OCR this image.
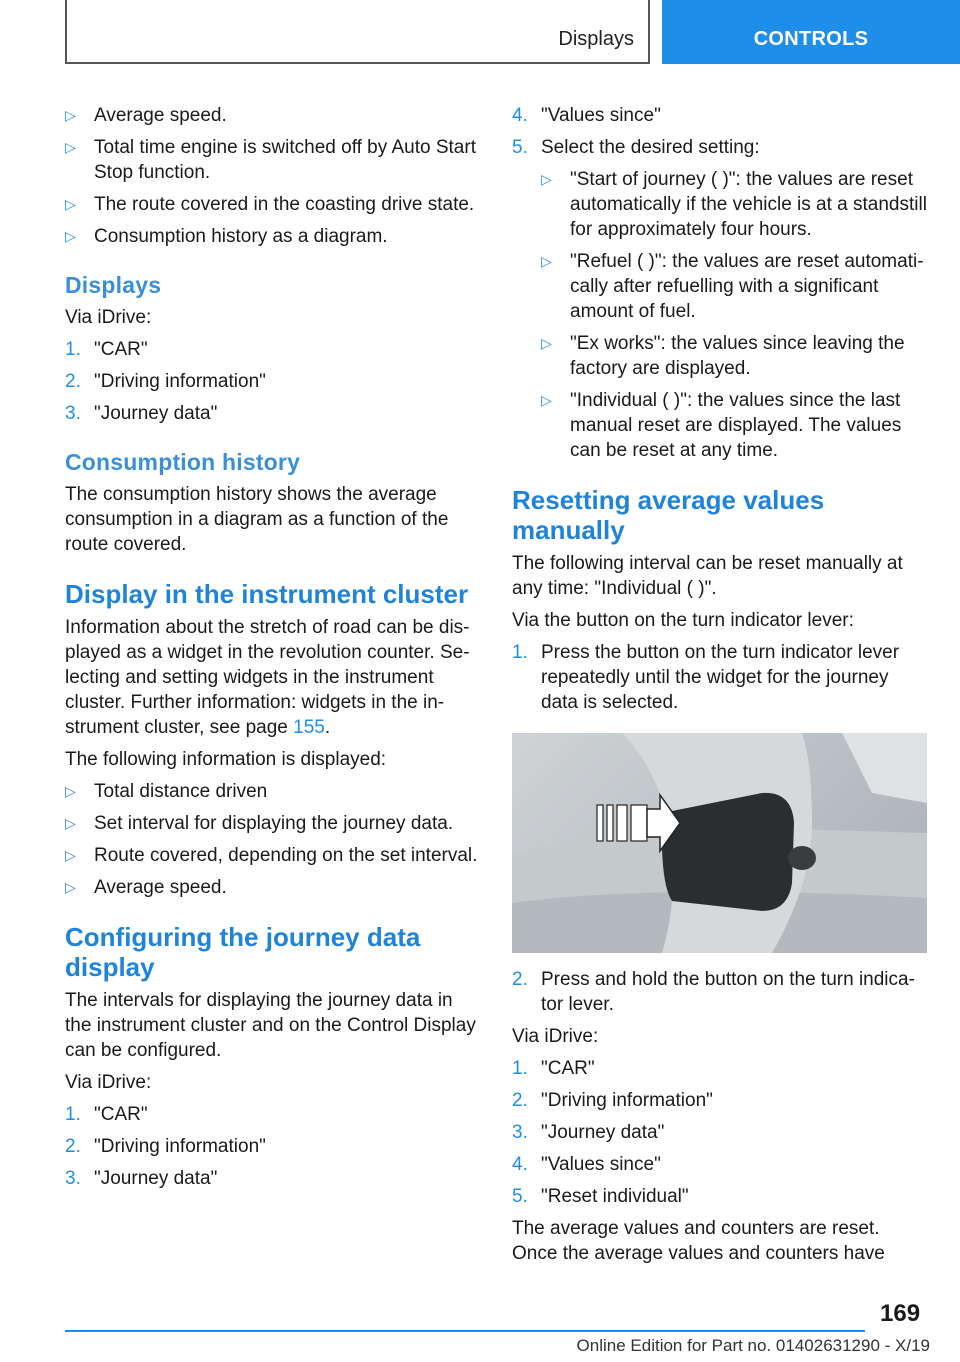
Displays	CONTROLS
▷ Average speed.
▷ Total time engine is switched off by Auto Start Stop function.
▷ The route covered in the coasting drive state.
▷ Consumption history as a diagram.
Displays
Via iDrive:
1. "CAR"
2. "Driving information"
3. "Journey data"
Consumption history
The consumption history shows the average consumption in a diagram as a function of the route covered.
Display in the instrument cluster
Information about the stretch of road can be dis‐ played as a widget in the revolution counter. Se‐ lecting and setting widgets in the instrument cluster. Further information: widgets in the in‐ strument cluster, see page 155.
The following information is displayed:
▷ Total distance driven
▷ Set interval for displaying the journey data.
▷ Route covered, depending on the set interval.
▷ Average speed.
Configuring the journey data display
The intervals for displaying the journey data in the instrument cluster and on the Control Display can be configured.
Via iDrive:
1. "CAR"
2. "Driving information"
3. "Journey data"
4. "Values since"
5. Select the desired setting:
▷ "Start of journey ( )": the values are reset automatically if the vehicle is at a standstill for approximately four hours.
▷ "Refuel ( )": the values are reset automati‐ cally after refuelling with a significant amount of fuel.
▷ "Ex works": the values since leaving the factory are displayed.
▷ "Individual ( )": the values since the last manual reset are displayed. The values can be reset at any time.
Resetting average values manually
The following interval can be reset manually at any time: "Individual ( )".
Via the button on the turn indicator lever:
1. Press the button on the turn indicator lever repeatedly until the widget for the journey data is selected.
2. Press and hold the button on the turn indica‐ tor lever.
Via iDrive:
1. "CAR"
2. "Driving information"
3. "Journey data"
4. "Values since"
5. "Reset individual"
The average values and counters are reset. Once the average values and counters have
169
Online Edition for Part no. 01402631290 - X/19
